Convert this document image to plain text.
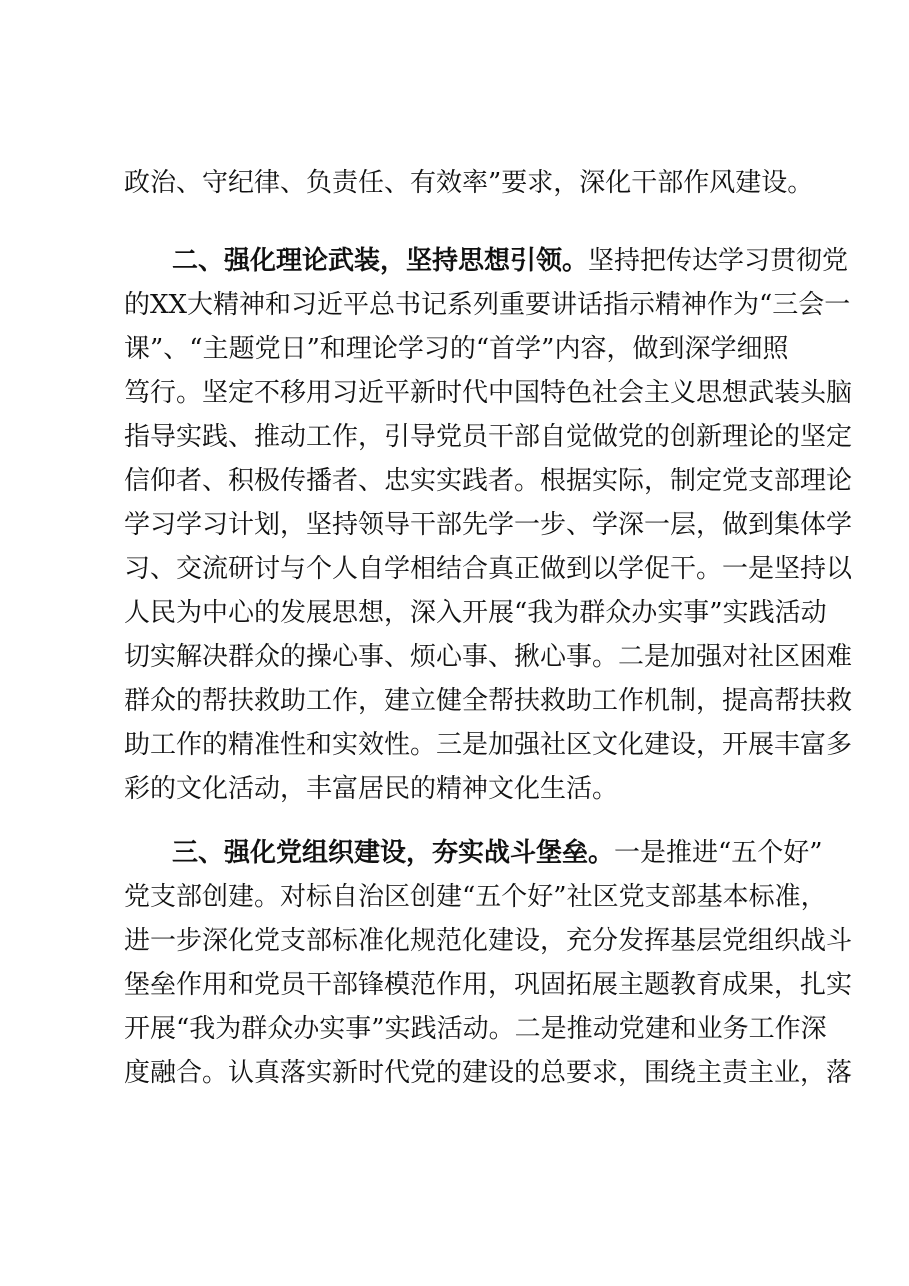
政治、守纪律、负责任、有效率”要求，深化干部作风建设。
二、强化理论武装，坚持思想引领。坚持把传达学习贯彻党
的XX大精神和习近平总书记系列重要讲话指示精神作为“三会一
课”、“主题党日”和理论学习的“首学”内容，做到深学细照
笃行。坚定不移用习近平新时代中国特色社会主义思想武装头脑
指导实践、推动工作，引导党员干部自觉做党的创新理论的坚定
信仰者、积极传播者、忠实实践者。根据实际，制定党支部理论
学习学习计划，坚持领导干部先学一步、学深一层，做到集体学
习、交流研讨与个人自学相结合真正做到以学促干。一是坚持以
人民为中心的发展思想，深入开展“我为群众办实事”实践活动
切实解决群众的操心事、烦心事、揪心事。二是加强对社区困难
群众的帮扶救助工作，建立健全帮扶救助工作机制，提高帮扶救
助工作的精准性和实效性。三是加强社区文化建设，开展丰富多
彩的文化活动，丰富居民的精神文化生活。
三、强化党组织建设，夯实战斗堡垒。一是推进“五个好”
党支部创建。对标自治区创建“五个好”社区党支部基本标准，
进一步深化党支部标准化规范化建设，充分发挥基层党组织战斗
堡垒作用和党员干部锋模范作用，巩固拓展主题教育成果，扎实
开展“我为群众办实事”实践活动。二是推动党建和业务工作深
度融合。认真落实新时代党的建设的总要求，围绕主责主业，落
